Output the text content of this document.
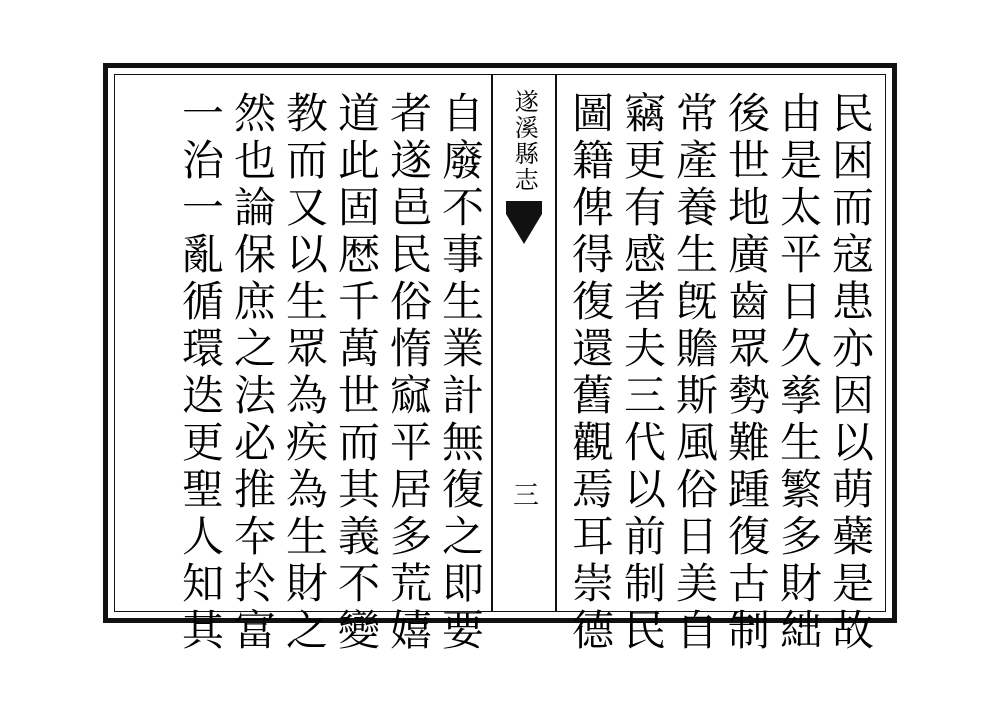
圖籍俾得復還舊觀焉耳崇德 竊更有感者夫三代以前制民 常產養生旣贍斯風俗日美自 後世地廣齒眾勢難踵復古制 由是太平日久孳生繁多財絀 民困而寇患亦因以萌蘗是故
遂溪縣志
三
一治一亂循環迭更聖人知其 然也論保庶之法必推夲扵富 教而又以生眾為疾為生財之 道此固厯千萬世而其義不變 者遂邑民俗惰窳平居多荒嬉 自廢不事生業計無復之即要
